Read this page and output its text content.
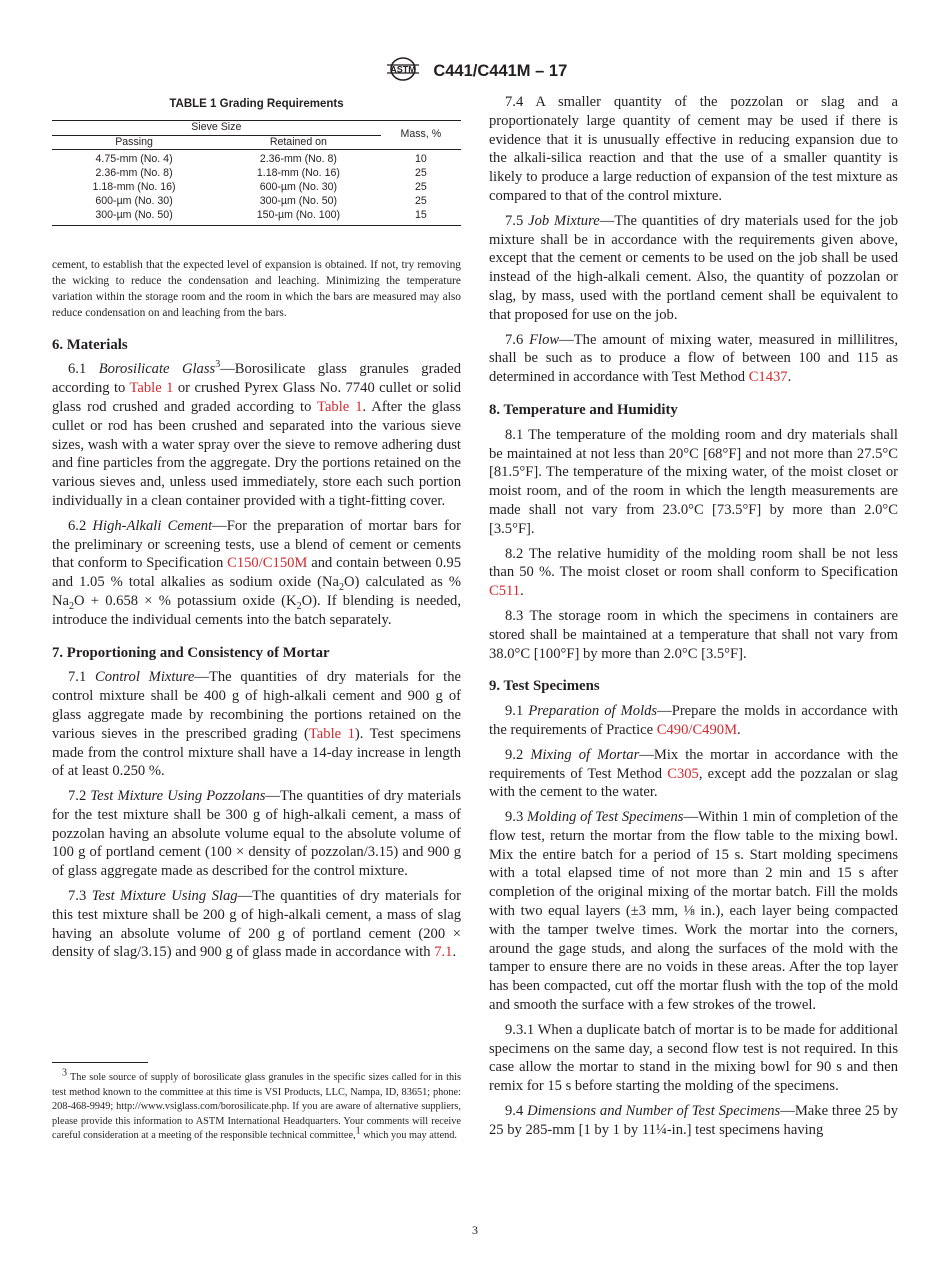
ASTM C441/C441M – 17
TABLE 1 Grading Requirements
Sieve Size		Mass, %
Passing	Retained on	
4.75-mm (No. 4)	2.36-mm (No. 8)	10
2.36-mm (No. 8)	1.18-mm (No. 16)	25
1.18-mm (No. 16)	600-µm (No. 30)	25
600-µm (No. 30)	300-µm (No. 50)	25
300-µm (No. 50)	150-µm (No. 100)	15
cement, to establish that the expected level of expansion is obtained. If not, try removing the wicking to reduce the condensation and leaching. Minimizing the temperature variation within the storage room and the room in which the bars are measured may also reduce condensation on and leaching from the bars.
6. Materials

6.1 Borosilicate Glass$^3$—Borosilicate glass granules graded according to Table 1 or crushed Pyrex Glass No. 7740 cullet or solid glass rod crushed and graded according to Table 1. After the glass cullet or rod has been crushed and separated into the various sieve sizes, wash with a water spray over the sieve to remove adhering dust and fine particles from the aggregate. Dry the portions retained on the various sieves and, unless used immediately, store each such portion individually in a clean container provided with a tight-fitting cover.

6.2 High-Alkali Cement—For the preparation of mortar bars for the preliminary or screening tests, use a blend of cement or cements that conform to Specification C150/C150M and contain between 0.95 and 1.05 % total alkalies as sodium oxide $(Na_2O)$ calculated as % $Na_2O + 0.658$ × % potassium oxide $(K_2O)$. If blending is needed, introduce the individual cements into the batch separately.

7. Proportioning and Consistency of Mortar

7.1 Control Mixture—The quantities of dry materials for the control mixture shall be 400 g of high-alkali cement and 900 g of glass aggregate made by recombining the portions retained on the various sieves in the prescribed grading (Table 1). Test specimens made from the control mixture shall have a 14-day increase in length of at least 0.250 %.

7.2 Test Mixture Using Pozzolans—The quantities of dry materials for the test mixture shall be 300 g of high-alkali cement, a mass of pozzolan having an absolute volume equal to the absolute volume of 100 g of portland cement (100 × density of pozzolan/3.15) and 900 g of glass aggregate made as described for the control mixture.

7.3 Test Mixture Using Slag—The quantities of dry materials for this test mixture shall be 200 g of high-alkali cement, a mass of slag having an absolute volume of 200 g of portland cement (200 × density of slag/3.15) and 900 g of glass made in accordance with 7.1.

$^3$ The sole source of supply of borosilicate glass granules in the specific sizes called for in this test method known to the committee at this time is VSI Products, LLC, Nampa, ID, 83651; phone: 208-468-9949; http://www.vsiglass.com/borosilicate.php. If you are aware of alternative suppliers, please provide this information to ASTM International Headquarters. Your comments will receive careful consideration at a meeting of the responsible technical committee,$^1$ which you may attend.

7.4 A smaller quantity of the pozzolan or slag and a proportionately large quantity of cement may be used if there is evidence that it is unusually effective in reducing expansion due to the alkali-silica reaction and that the use of a smaller quantity is likely to produce a large reduction of expansion of the test mixture as compared to that of the control mixture.

7.5 Job Mixture—The quantities of dry materials used for the job mixture shall be in accordance with the requirements given above, except that the cement or cements to be used on the job shall be used instead of the high-alkali cement. Also, the quantity of pozzolan or slag, by mass, used with the portland cement shall be equivalent to that proposed for use on the job.

7.6 Flow—The amount of mixing water, measured in millilitres, shall be such as to produce a flow of between 100 and 115 as determined in accordance with Test Method C1437.

8. Temperature and Humidity

8.1 The temperature of the molding room and dry materials shall be maintained at not less than 20°C [68°F] and not more than 27.5°C [81.5°F]. The temperature of the mixing water, of the moist closet or moist room, and of the room in which the length measurements are made shall not vary from 23.0°C [73.5°F] by more than 2.0°C [3.5°F].

8.2 The relative humidity of the molding room shall be not less than 50 %. The moist closet or room shall conform to Specification C511.

8.3 The storage room in which the specimens in containers are stored shall be maintained at a temperature that shall not vary from 38.0°C [100°F] by more than 2.0°C [3.5°F].

9. Test Specimens

9.1 Preparation of Molds—Prepare the molds in accordance with the requirements of Practice C490/C490M.

9.2 Mixing of Mortar—Mix the mortar in accordance with the requirements of Test Method C305, except add the pozzalan or slag with the cement to the water.

9.3 Molding of Test Specimens—Within 1 min of completion of the flow test, return the mortar from the flow table to the mixing bowl. Mix the entire batch for a period of 15 s. Start molding specimens with a total elapsed time of not more than 2 min and 15 s after completion of the original mixing of the mortar batch. Fill the molds with two equal layers (±3 mm, ⅛ in.), each layer being compacted with the tamper twelve times. Work the mortar into the corners, around the gage studs, and along the surfaces of the mold with the tamper to ensure there are no voids in these areas. After the top layer has been compacted, cut off the mortar flush with the top of the mold and smooth the surface with a few strokes of the trowel.

9.3.1 When a duplicate batch of mortar is to be made for additional specimens on the same day, a second flow test is not required. In this case allow the mortar to stand in the mixing bowl for 90 s and then remix for 15 s before starting the molding of the specimens.

9.4 Dimensions and Number of Test Specimens—Make three 25 by 25 by 285-mm [1 by 1 by 11¼-in.] test specimens having

3
